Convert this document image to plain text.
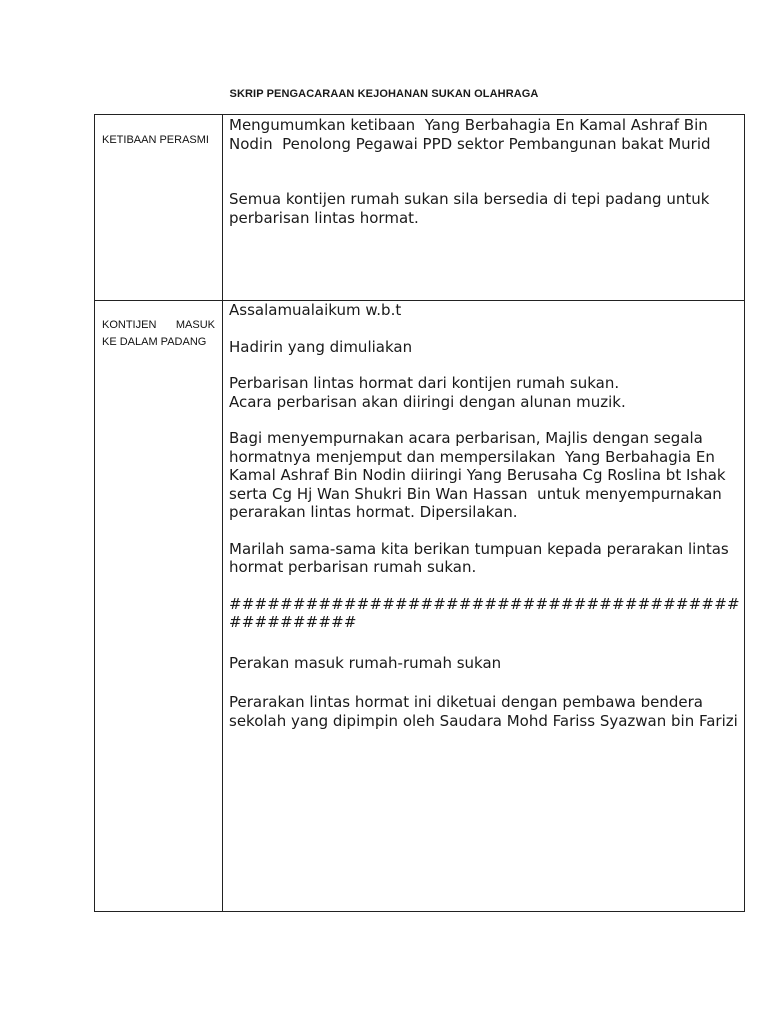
SKRIP PENGACARAAN KEJOHANAN SUKAN OLAHRAGA
KETIBAAN PERASMI

Mengumumkan ketibaan  Yang Berbahagia En Kamal Ashraf Bin Nodin  Penolong Pegawai PPD sektor Pembangunan bakat Murid

Semua kontijen rumah sukan sila bersedia di tepi padang untuk perbarisan lintas hormat.

KONTIJEN MASUK KE DALAM PADANG

Assalamualaikum w.b.t

Hadirin yang dimuliakan

Perbarisan lintas hormat dari kontijen rumah sukan.
Acara perbarisan akan diiringi dengan alunan muzik.

Bagi menyempurnakan acara perbarisan, Majlis dengan segala hormatnya menjemput dan mempersilakan  Yang Berbahagia En Kamal Ashraf Bin Nodin diiringi Yang Berusaha Cg Roslina bt Ishak   serta Cg Hj Wan Shukri Bin Wan Hassan  untuk menyempurnakan perarakan lintas hormat. Dipersilakan.

Marilah sama-sama kita berikan tumpuan kepada perarakan lintas hormat perbarisan rumah sukan.

##################################################

Perakan masuk rumah-rumah sukan

Perarakan lintas hormat ini diketuai dengan pembawa bendera sekolah yang dipimpin oleh Saudara Mohd Fariss Syazwan bin Farizi
